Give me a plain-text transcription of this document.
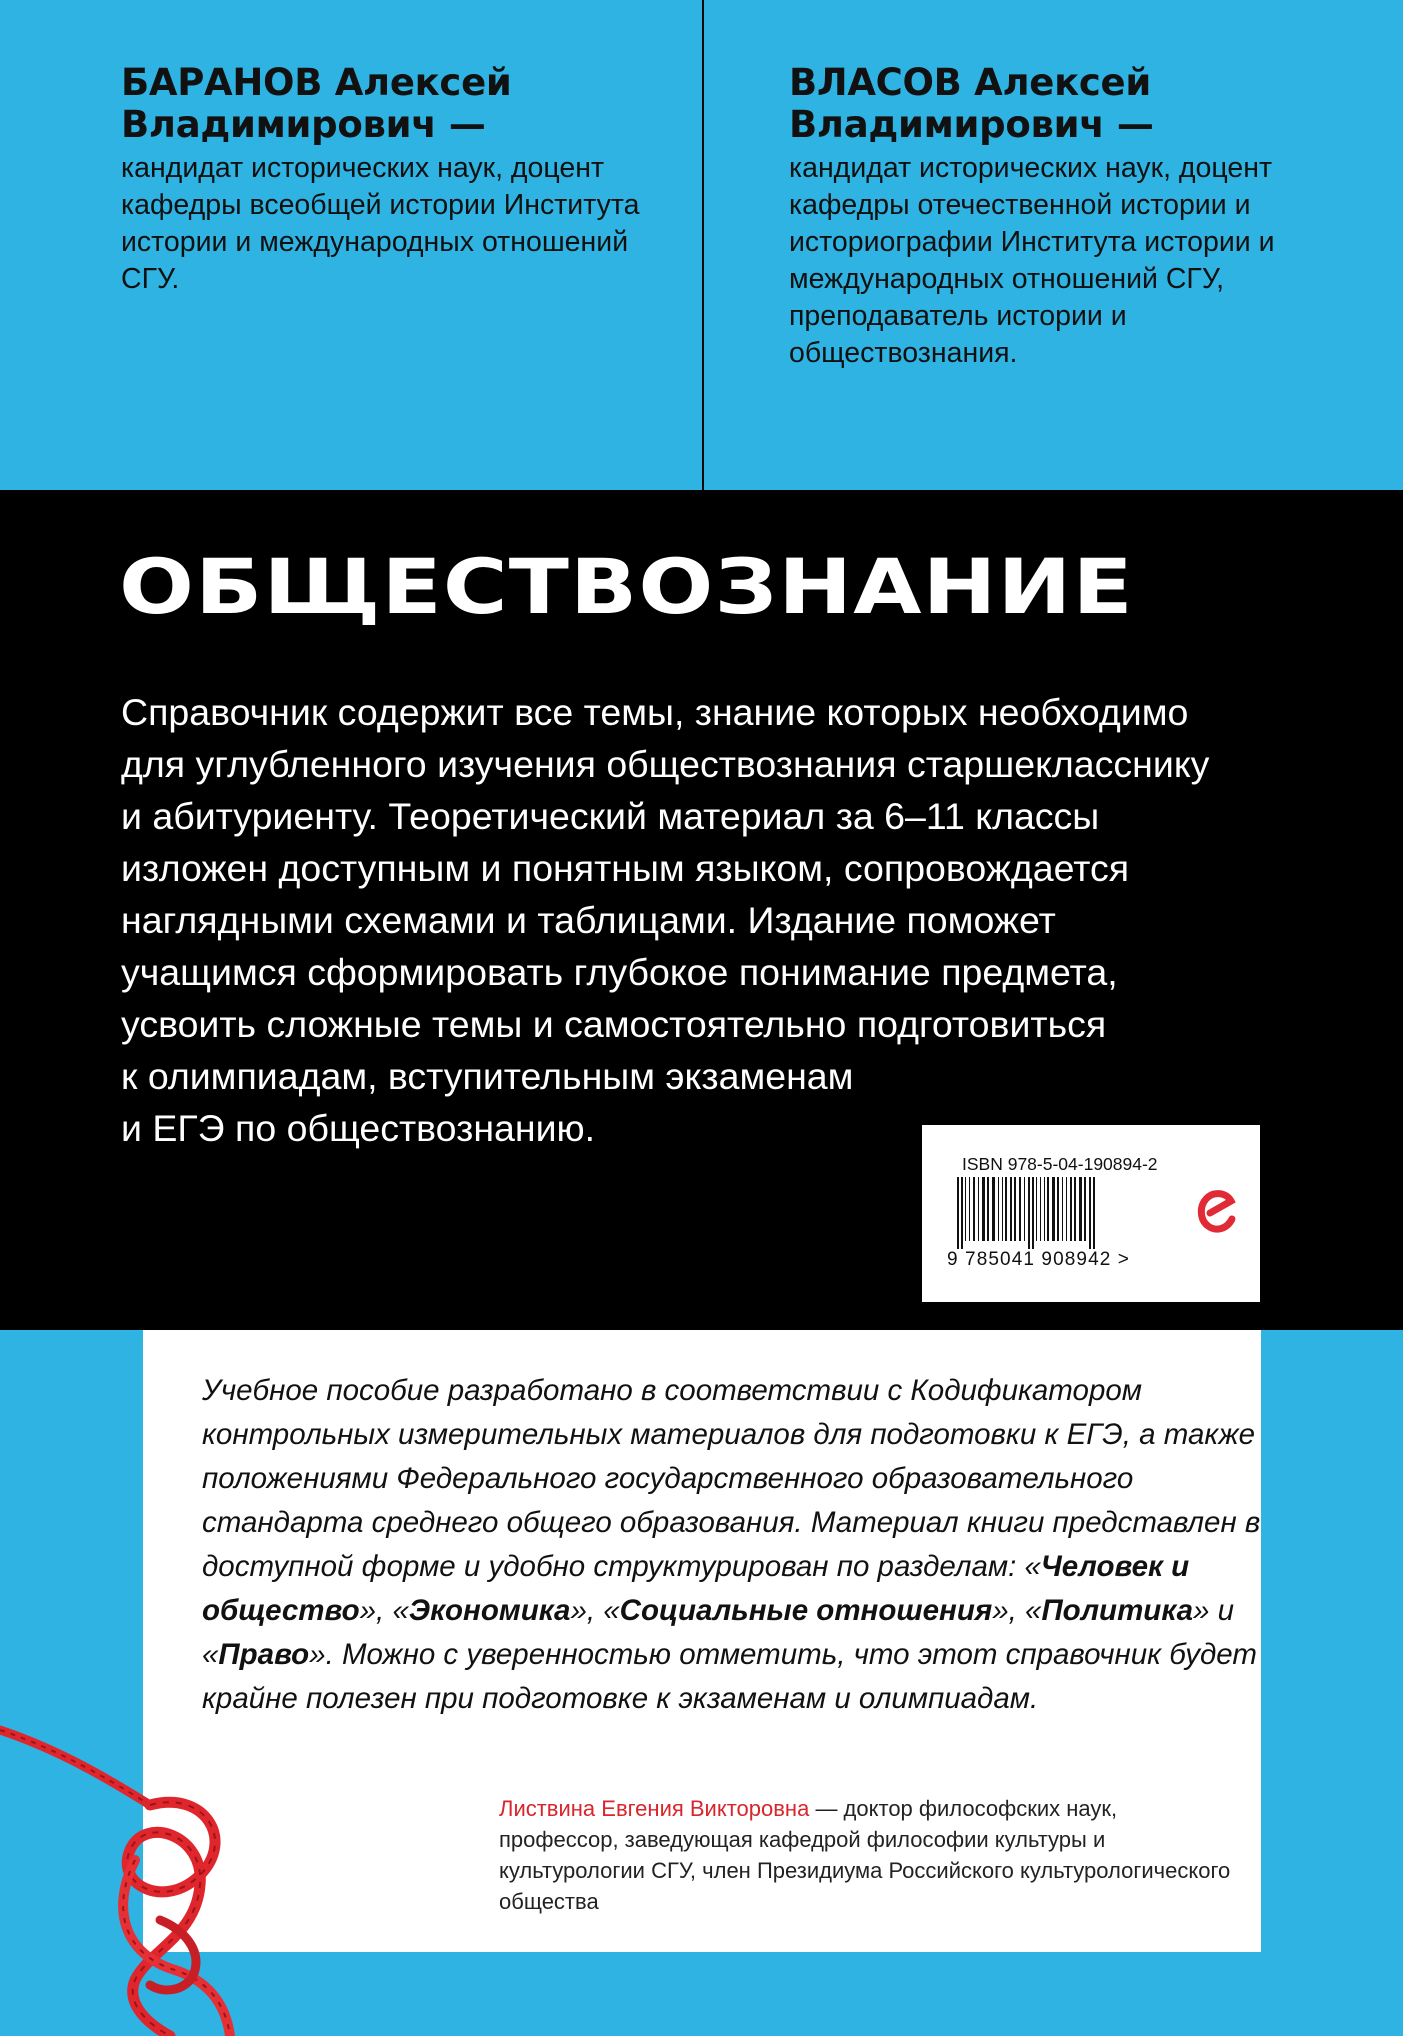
БАРАНОВ Алексей Владимирович —
кандидат исторических наук, доцент кафедры всеобщей истории Института истории и международных отношений СГУ.
ВЛАСОВ Алексей Владимирович —
кандидат исторических наук, доцент кафедры отечественной истории и историографии Института истории и международных отношений СГУ, преподаватель истории и обществознания.
ОБЩЕСТВОЗНАНИЕ
Справочник содержит все темы, знание которых необходимо
для углубленного изучения обществознания старшекласснику
и абитуриенту. Теоретический материал за 6–11 классы
изложен доступным и понятным языком, сопровождается
наглядными схемами и таблицами. Издание поможет
учащимся сформировать глубокое понимание предмета,
усвоить сложные темы и самостоятельно подготовиться
к олимпиадам, вступительным экзаменам
и ЕГЭ по обществознанию.
ISBN 978-5-04-190894-2
9 785041 908942 >
Учебное пособие разработано в соответствии с Кодификатором контрольных измерительных материалов для подготовки к ЕГЭ, а также положениями Федерального государственного образовательного стандарта среднего общего образования. Материал книги представлен в доступной форме и удобно структурирован по разделам: «Человек и общество», «Экономика», «Социальные отношения», «Политика» и «Право». Можно с уверенностью отметить, что этот справочник будет крайне полезен при подготовке к экзаменам и олимпиадам.
Листвина Евгения Викторовна — доктор философских наук, профессор, заведующая кафедрой философии культуры и культурологии СГУ, член Президиума Российского культурологического общества
